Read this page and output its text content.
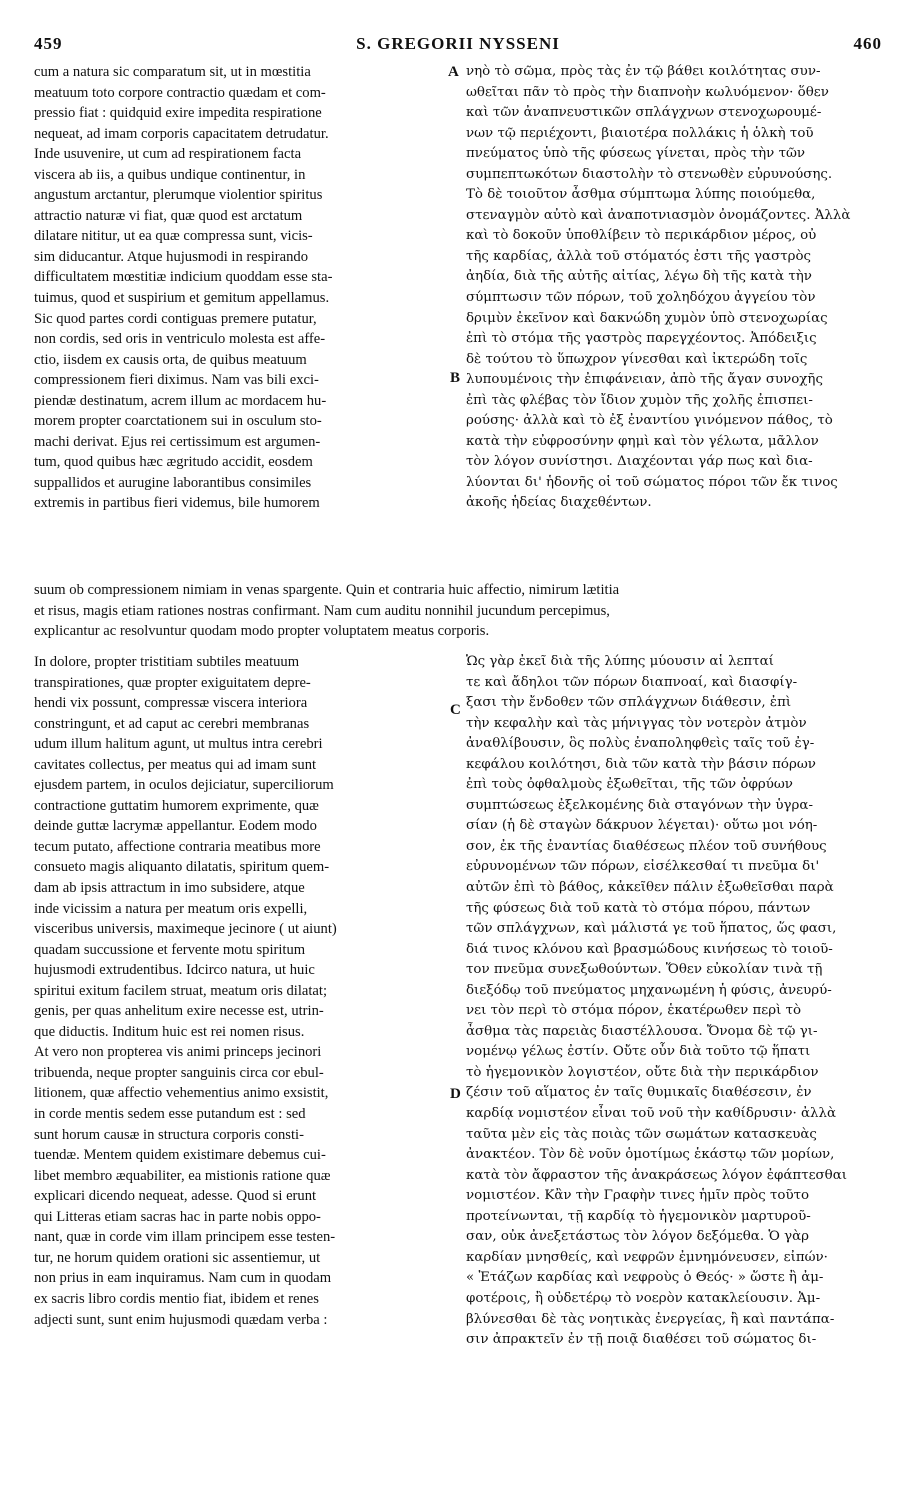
459	S. GREGORII NYSSENI	460
cum a natura sic comparatum sit, ut in mœstitia
meatuum toto corpore contractio quædam et com-
pressio fiat : quidquid exire impedita respiratione
nequeat, ad imam corporis capacitatem detrudatur.
Inde usuvenire, ut cum ad respirationem facta
viscera ab iis, a quibus undique continentur, in
angustum arctantur, plerumque violentior spiritus
attractio naturæ vi fiat, quæ quod est arctatum
dilatare nititur, ut ea quæ compressa sunt, vicis-
sim diducantur. Atque hujusmodi in respirando
difficultatem mœstitiæ indicium quoddam esse sta-
tuimus, quod et suspirium et gemitum appellamus.
Sic quod partes cordi contiguas premere putatur,
non cordis, sed oris in ventriculo molesta est affe-
ctio, iisdem ex causis orta, de quibus meatuum
compressionem fieri diximus. Nam vas bili exci-
piendæ destinatum, acrem illum ac mordacem hu-
morem propter coarctationem sui in osculum sto-
machi derivat. Ejus rei certissimum est argumen-
tum, quod quibus hæc ægritudo accidit, eosdem
suppallidos et aurugine laborantibus consimiles
extremis in partibus fieri videmus, bile humorem
νηὸ τὸ σῶμα, πρὸς τὰς ἐν τῷ βάθει κοιλότητας συν-
ωθεῖται πᾶν τὸ πρὸς τὴν διαπνοὴν κωλυόμενον· ὅθεν
καὶ τῶν ἀναπνευστικῶν σπλάγχνων στενοχωρουμέ-
νων τῷ περιέχοντι, βιαιοτέρα πολλάκις ἡ ὁλκὴ τοῦ
πνεύματος ὑπὸ τῆς φύσεως γίνεται, πρὸς τὴν τῶν
συμπεπτωκότων διαστολὴν τὸ στενωθὲν εὐρυνούσης.
Τὸ δὲ τοιοῦτον ἆσθμα σύμπτωμα λύπης ποιούμεθα,
στεναγμὸν αὐτὸ καὶ ἀναποτνιασμὸν ὀνομάζοντες. Ἀλλὰ
καὶ τὸ δοκοῦν ὑποθλίβειν τὸ περικάρδιον μέρος, οὐ
τῆς καρδίας, ἀλλὰ τοῦ στόματός ἐστι τῆς γαστρὸς
ἀηδία, διὰ τῆς αὐτῆς αἰτίας, λέγω δὴ τῆς κατὰ τὴν
σύμπτωσιν τῶν πόρων, τοῦ χοληδόχου ἀγγείου τὸν
δριμὺν ἐκεῖνον καὶ δακνώδη χυμὸν ὑπὸ στενοχωρίας
ἐπὶ τὸ στόμα τῆς γαστρὸς παρεγχέοντος. Ἀπόδειξις
δὲ τούτου τὸ ὕπωχρον γίνεσθαι καὶ ἰκτερώδη τοῖς
λυπουμένοις τὴν ἐπιφάνειαν, ἀπὸ τῆς ἄγαν συνοχῆς
ἐπὶ τὰς φλέβας τὸν ἴδιον χυμὸν τῆς χολῆς ἐπισπει-
ρούσης· ἀλλὰ καὶ τὸ ἐξ ἐναντίου γινόμενον πάθος, τὸ
κατὰ τὴν εὐφροσύνην φημὶ καὶ τὸν γέλωτα, μᾶλλον
τὸν λόγον συνίστησι. Διαχέονται γάρ πως καὶ δια-
λύονται δι' ἡδονῆς οἱ τοῦ σώματος πόροι τῶν ἔκ τινος
ἀκοῆς ἡδείας διαχεθέντων.
suum ob compressionem nimiam in venas spargente. Quin et contraria huic affectio, nimirum lætitia
et risus, magis etiam rationes nostras confirmant. Nam cum auditu nonnihil jucundum percepimus,
explicantur ac resolvuntur quodam modo propter voluptatem meatus corporis.
In dolore, propter tristitiam subtiles meatuum
transpirationes, quæ propter exiguitatem depre-
hendi vix possunt, compressæ viscera interiora
constringunt, et ad caput ac cerebri membranas
udum illum halitum agunt, ut multus intra cerebri
cavitates collectus, per meatus qui ad imam sunt
ejusdem partem, in oculos dejiciatur, superciliorum
contractione guttatim humorem exprimente, quæ
deinde guttæ lacrymæ appellantur. Eodem modo
tecum putato, affectione contraria meatibus more
consueto magis aliquanto dilatatis, spiritum quem-
dam ab ipsis attractum in imo subsidere, atque
inde vicissim a natura per meatum oris expelli,
visceribus universis, maximeque jecinore ( ut aiunt)
quadam succussione et fervente motu spiritum
hujusmodi extrudentibus. Idcirco natura, ut huic
spiritui exitum facilem struat, meatum oris dilatat;
genis, per quas anhelitum exire necesse est, utrin-
que diductis. Inditum huic est rei nomen risus.
At vero non propterea vis animi princeps jecinori
tribuenda, neque propter sanguinis circa cor ebul-
litionem, quæ affectio vehementius animo exsistit,
in corde mentis sedem esse putandum est : sed
sunt horum causæ in structura corporis consti-
tuendæ. Mentem quidem existimare debemus cui-
libet membro æquabiliter, ea mistionis ratione quæ
explicari dicendo nequeat, adesse. Quod si erunt
qui Litteras etiam sacras hac in parte nobis oppo-
nant, quæ in corde vim illam principem esse testen-
tur, ne horum quidem orationi sic assentiemur, ut
non prius in eam inquiramus. Nam cum in quodam
ex sacris libro cordis mentio fiat, ibidem et renes
adjecti sunt, sunt enim hujusmodi quædam verba :
Ὡς γὰρ ἐκεῖ διὰ τῆς λύπης μύουσιν αἱ λεπταί
τε καὶ ἄδηλοι τῶν πόρων διαπνοαί, καὶ διασφίγ-
ξασι τὴν ἔνδοθεν τῶν σπλάγχνων διάθεσιν, ἐπὶ
τὴν κεφαλὴν καὶ τὰς μήνιγγας τὸν νοτερὸν ἀτμὸν
ἀναθλίβουσιν, ὃς πολὺς ἐναποληφθεὶς ταῖς τοῦ ἐγ-
κεφάλου κοιλότησι, διὰ τῶν κατὰ τὴν βάσιν πόρων
ἐπὶ τοὺς ὀφθαλμοὺς ἐξωθεῖται, τῆς τῶν ὀφρύων
συμπτώσεως ἐξελκομένης διὰ σταγόνων τὴν ὑγρα-
σίαν (ἡ δὲ σταγὼν δάκρυον λέγεται)· οὕτω μοι νόη-
σον, ἐκ τῆς ἐναντίας διαθέσεως πλέον τοῦ συνήθους
εὐρυνομένων τῶν πόρων, εἰσέλκεσθαί τι πνεῦμα δι'
αὐτῶν ἐπὶ τὸ βάθος, κἀκεῖθεν πάλιν ἐξωθεῖσθαι παρὰ
τῆς φύσεως διὰ τοῦ κατὰ τὸ στόμα πόρου, πάντων
τῶν σπλάγχνων, καὶ μάλιστά γε τοῦ ἥπατος, ὥς φασι,
διά τινος κλόνου καὶ βρασμώδους κινήσεως τὸ τοιοῦ-
τον πνεῦμα συνεξωθούντων. Ὅθεν εὐκολίαν τινὰ τῇ
διεξόδῳ τοῦ πνεύματος μηχανωμένη ἡ φύσις, ἀνευρύ-
νει τὸν περὶ τὸ στόμα πόρον, ἑκατέρωθεν περὶ τὸ
ἆσθμα τὰς παρειὰς διαστέλλουσα. Ὄνομα δὲ τῷ γι-
νομένῳ γέλως ἐστίν. Οὔτε οὖν διὰ τοῦτο τῷ ἥπατι
τὸ ἡγεμονικὸν λογιστέον, οὔτε διὰ τὴν περικάρδιον
ζέσιν τοῦ αἵματος ἐν ταῖς θυμικαῖς διαθέσεσιν, ἐν
καρδίᾳ νομιστέον εἶναι τοῦ νοῦ τὴν καθίδρυσιν· ἀλλὰ
ταῦτα μὲν εἰς τὰς ποιὰς τῶν σωμάτων κατασκευὰς
ἀνακτέον. Τὸν δὲ νοῦν ὁμοτίμως ἑκάστῳ τῶν μορίων,
κατὰ τὸν ἄφραστον τῆς ἀνακράσεως λόγον ἐφάπτεσθαι
νομιστέον. Κἂν τὴν Γραφὴν τινες ἡμῖν πρὸς τοῦτο
προτείνωνται, τῇ καρδίᾳ τὸ ἡγεμονικὸν μαρτυροῦ-
σαν, οὐκ ἀνεξετάστως τὸν λόγον δεξόμεθα. Ὁ γὰρ
καρδίαν μνησθείς, καὶ νεφρῶν ἐμνημόνευσεν, εἰπών·
« Ἐτάζων καρδίας καὶ νεφροὺς ὁ Θεός· » ὥστε ἢ ἀμ-
φοτέροις, ἢ οὐδετέρῳ τὸ νοερὸν κατακλείουσιν. Ἀμ-
βλύνεσθαι δὲ τὰς νοητικὰς ἐνεργείας, ἢ καὶ παντάπα-
σιν ἀπρακτεῖν ἐν τῇ ποιᾷ διαθέσει τοῦ σώματος δι-
A
B
C
D
